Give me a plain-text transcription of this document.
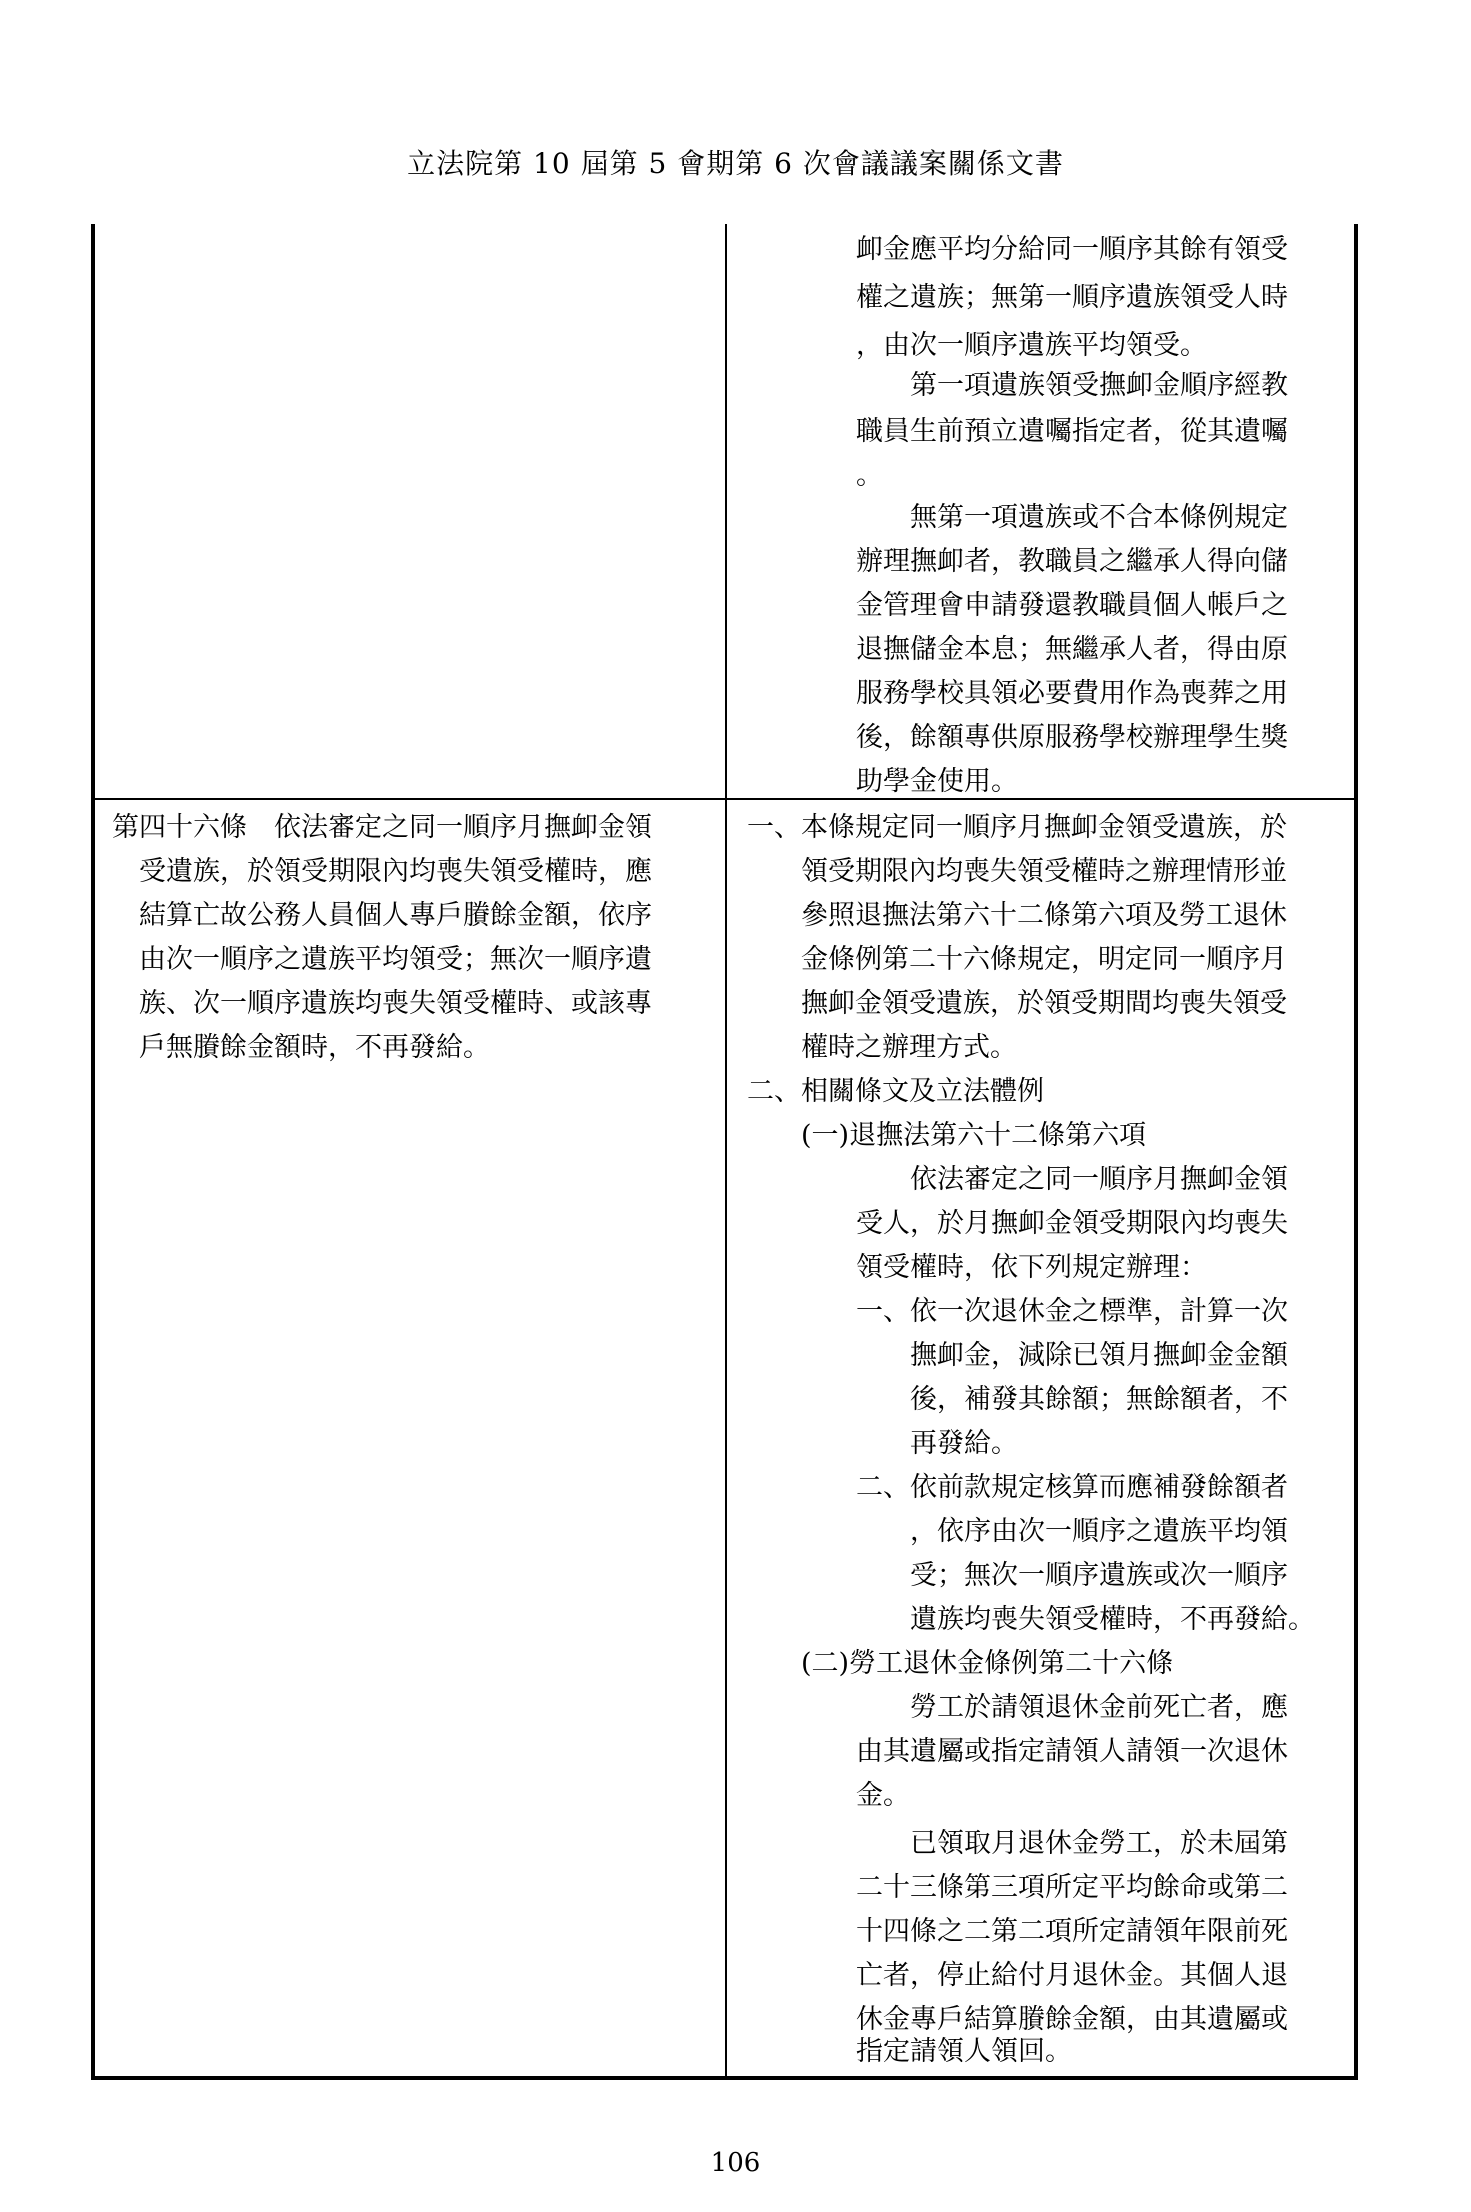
立法院第 10 屆第 5 會期第 6 次會議議案關係文書
卹金應平均分給同一順序其餘有領受
權之遺族；無第一順序遺族領受人時
，由次一順序遺族平均領受。
第一項遺族領受撫卹金順序經教
職員生前預立遺囑指定者，從其遺囑
。
無第一項遺族或不合本條例規定
辦理撫卹者，教職員之繼承人得向儲
金管理會申請發還教職員個人帳戶之
退撫儲金本息；無繼承人者，得由原
服務學校具領必要費用作為喪葬之用
後，餘額專供原服務學校辦理學生獎
助學金使用。
第四十六條　依法審定之同一順序月撫卹金領
受遺族，於領受期限內均喪失領受權時，應
結算亡故公務人員個人專戶賸餘金額，依序
由次一順序之遺族平均領受；無次一順序遺
族、次一順序遺族均喪失領受權時、或該專
戶無賸餘金額時，不再發給。
一、本條規定同一順序月撫卹金領受遺族，於
領受期限內均喪失領受權時之辦理情形並
參照退撫法第六十二條第六項及勞工退休
金條例第二十六條規定，明定同一順序月
撫卹金領受遺族，於領受期間均喪失領受
權時之辦理方式。
二、相關條文及立法體例
(一)退撫法第六十二條第六項
依法審定之同一順序月撫卹金領
受人，於月撫卹金領受期限內均喪失
領受權時，依下列規定辦理：
一、依一次退休金之標準，計算一次
撫卹金，減除已領月撫卹金金額
後，補發其餘額；無餘額者，不
再發給。
二、依前款規定核算而應補發餘額者
，依序由次一順序之遺族平均領
受；無次一順序遺族或次一順序
遺族均喪失領受權時，不再發給。
(二)勞工退休金條例第二十六條
勞工於請領退休金前死亡者，應
由其遺屬或指定請領人請領一次退休
金。
已領取月退休金勞工，於未屆第
二十三條第三項所定平均餘命或第二
十四條之二第二項所定請領年限前死
亡者，停止給付月退休金。其個人退
休金專戶結算賸餘金額，由其遺屬或
指定請領人領回。
106
